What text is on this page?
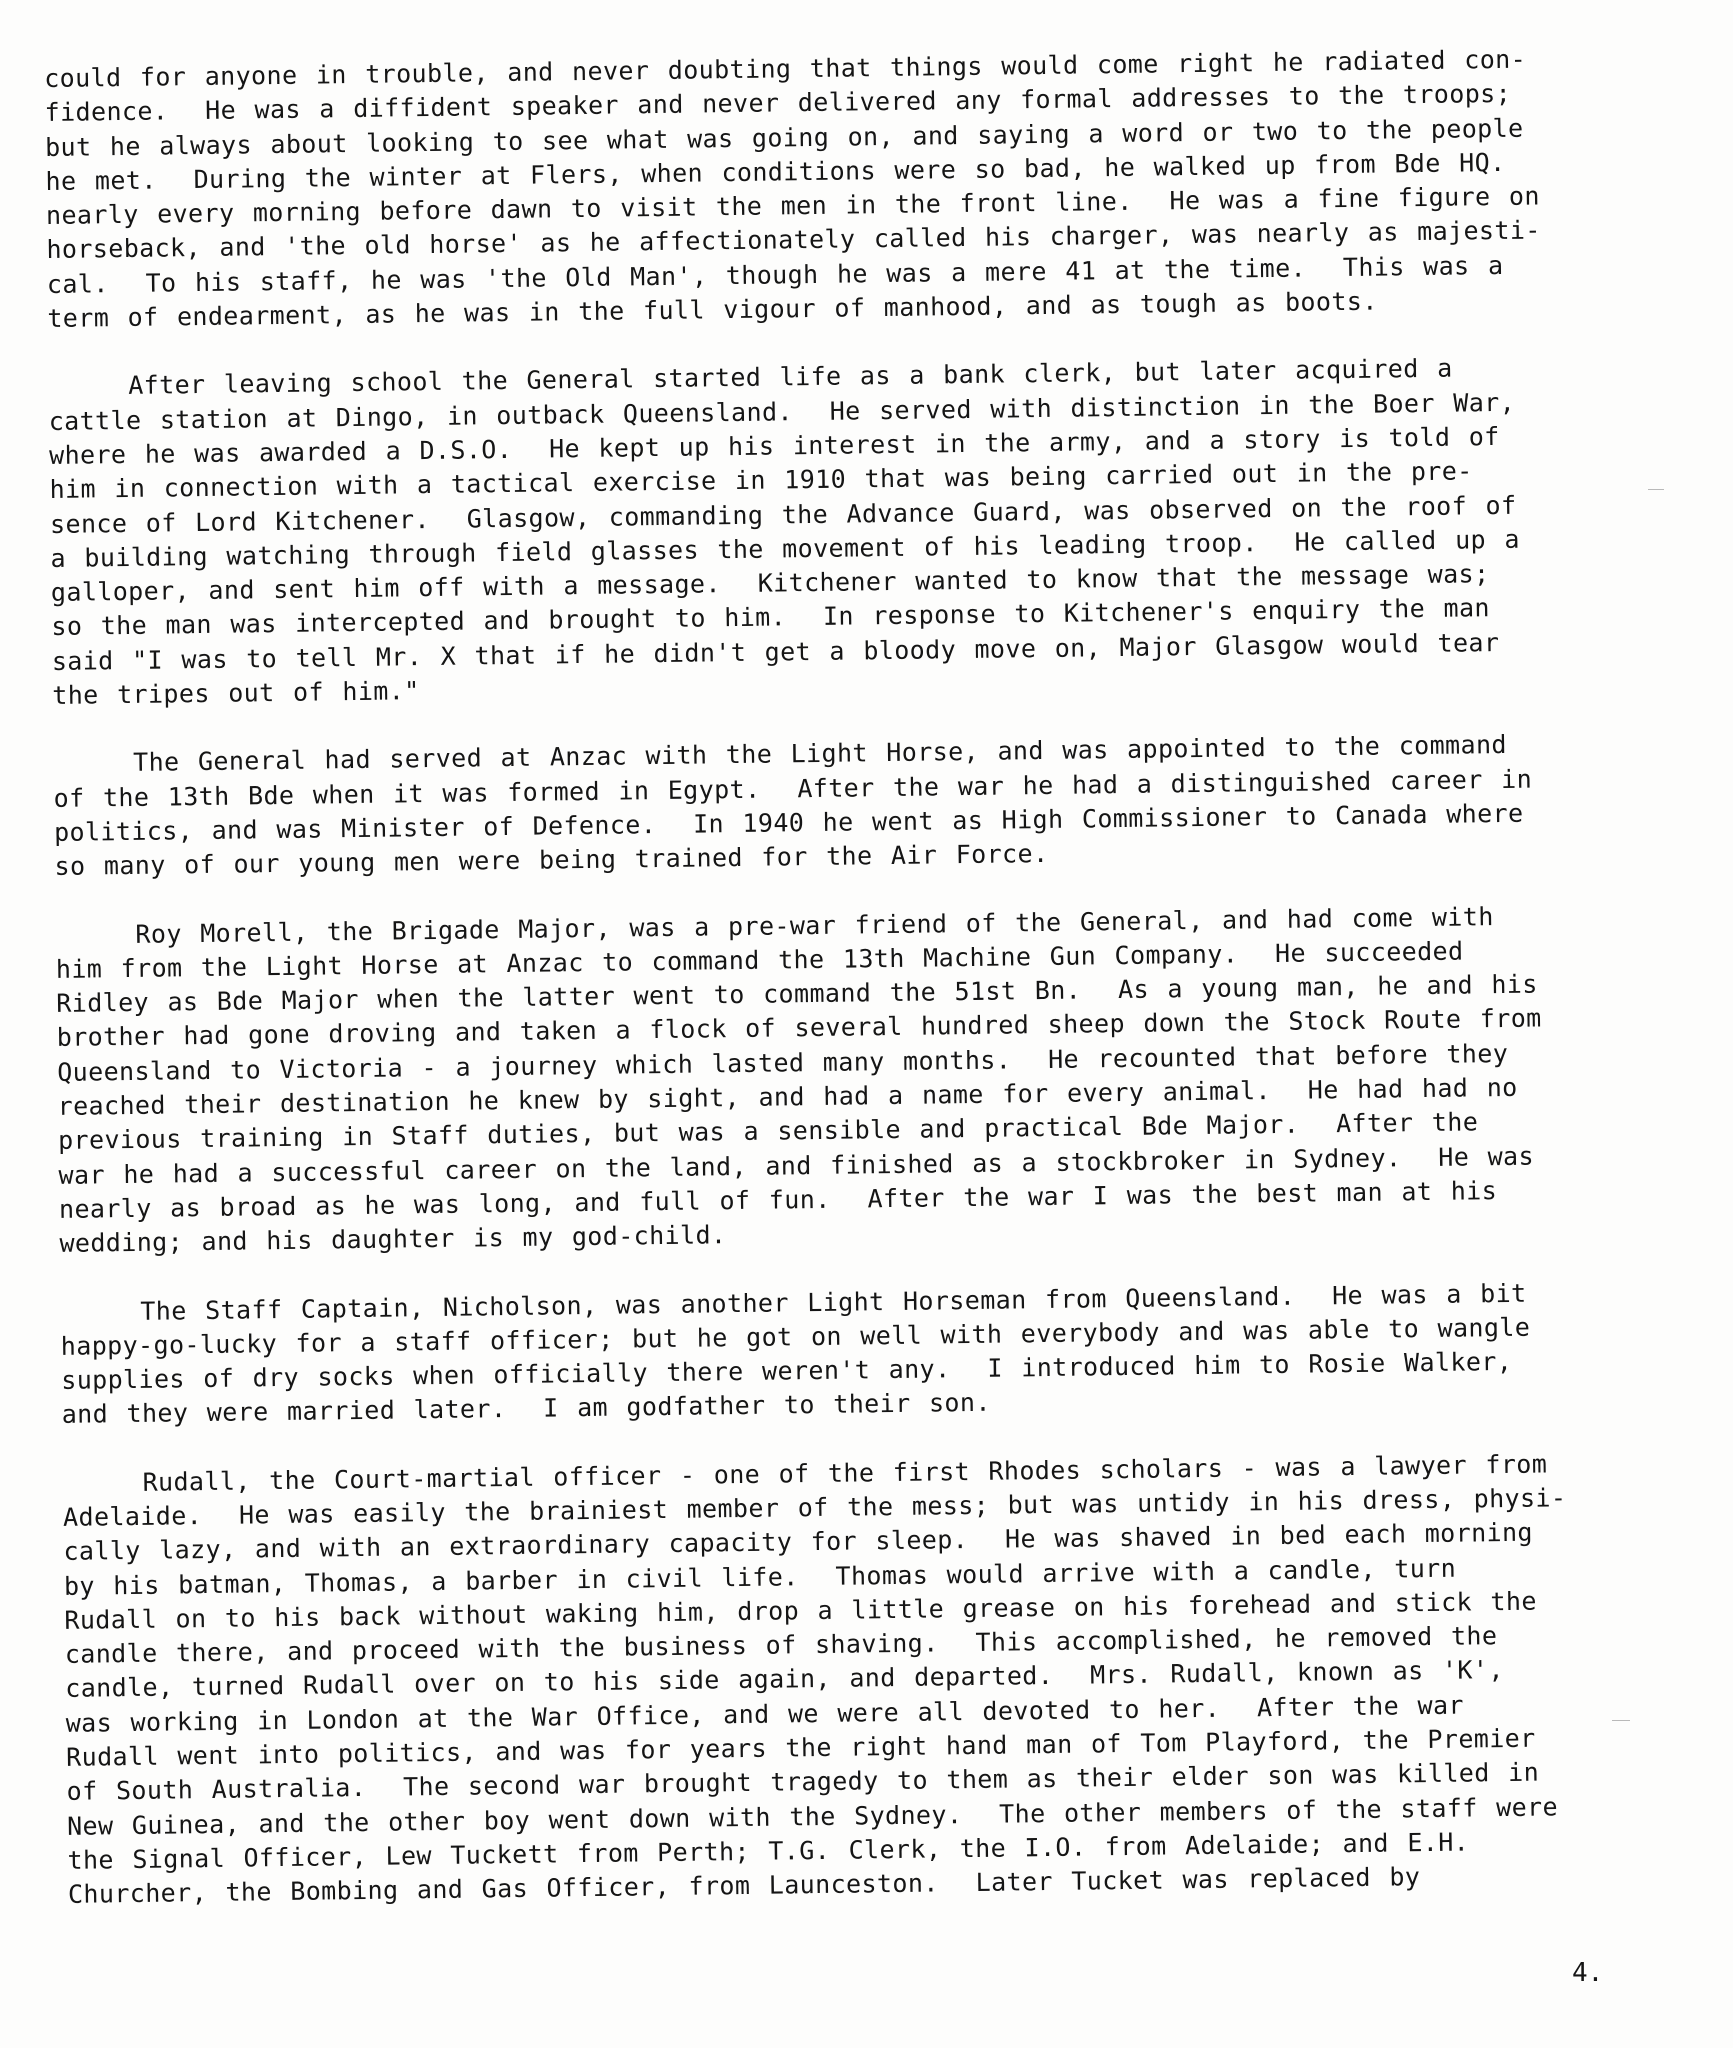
could for anyone in trouble, and never doubting that things would come right he radiated con-
fidence.  He was a diffident speaker and never delivered any formal addresses to the troops;
but he always about looking to see what was going on, and saying a word or two to the people
he met.  During the winter at Flers, when conditions were so bad, he walked up from Bde HQ.
nearly every morning before dawn to visit the men in the front line.  He was a fine figure on
horseback, and 'the old horse' as he affectionately called his charger, was nearly as majesti-
cal.  To his staff, he was 'the Old Man', though he was a mere 41 at the time.  This was a
term of endearment, as he was in the full vigour of manhood, and as tough as boots.
After leaving school the General started life as a bank clerk, but later acquired a
cattle station at Dingo, in outback Queensland.  He served with distinction in the Boer War,
where he was awarded a D.S.O.  He kept up his interest in the army, and a story is told of
him in connection with a tactical exercise in 1910 that was being carried out in the pre-
sence of Lord Kitchener.  Glasgow, commanding the Advance Guard, was observed on the roof of
a building watching through field glasses the movement of his leading troop.  He called up a
galloper, and sent him off with a message.  Kitchener wanted to know that the message was;
so the man was intercepted and brought to him.  In response to Kitchener's enquiry the man
said "I was to tell Mr. X that if he didn't get a bloody move on, Major Glasgow would tear
the tripes out of him."
The General had served at Anzac with the Light Horse, and was appointed to the command
of the 13th Bde when it was formed in Egypt.  After the war he had a distinguished career in
politics, and was Minister of Defence.  In 1940 he went as High Commissioner to Canada where
so many of our young men were being trained for the Air Force.
Roy Morell, the Brigade Major, was a pre-war friend of the General, and had come with
him from the Light Horse at Anzac to command the 13th Machine Gun Company.  He succeeded
Ridley as Bde Major when the latter went to command the 51st Bn.  As a young man, he and his
brother had gone droving and taken a flock of several hundred sheep down the Stock Route from
Queensland to Victoria - a journey which lasted many months.  He recounted that before they
reached their destination he knew by sight, and had a name for every animal.  He had had no
previous training in Staff duties, but was a sensible and practical Bde Major.  After the
war he had a successful career on the land, and finished as a stockbroker in Sydney.  He was
nearly as broad as he was long, and full of fun.  After the war I was the best man at his
wedding; and his daughter is my god-child.
The Staff Captain, Nicholson, was another Light Horseman from Queensland.  He was a bit
happy-go-lucky for a staff officer; but he got on well with everybody and was able to wangle
supplies of dry socks when officially there weren't any.  I introduced him to Rosie Walker,
and they were married later.  I am godfather to their son.
Rudall, the Court-martial officer - one of the first Rhodes scholars - was a lawyer from
Adelaide.  He was easily the brainiest member of the mess; but was untidy in his dress, physi-
cally lazy, and with an extraordinary capacity for sleep.  He was shaved in bed each morning
by his batman, Thomas, a barber in civil life.  Thomas would arrive with a candle, turn
Rudall on to his back without waking him, drop a little grease on his forehead and stick the
candle there, and proceed with the business of shaving.  This accomplished, he removed the
candle, turned Rudall over on to his side again, and departed.  Mrs. Rudall, known as 'K',
was working in London at the War Office, and we were all devoted to her.  After the war
Rudall went into politics, and was for years the right hand man of Tom Playford, the Premier
of South Australia.  The second war brought tragedy to them as their elder son was killed in
New Guinea, and the other boy went down with the Sydney.  The other members of the staff were
the Signal Officer, Lew Tuckett from Perth; T.G. Clerk, the I.O. from Adelaide; and E.H.
Churcher, the Bombing and Gas Officer, from Launceston.  Later Tucket was replaced by
4.
